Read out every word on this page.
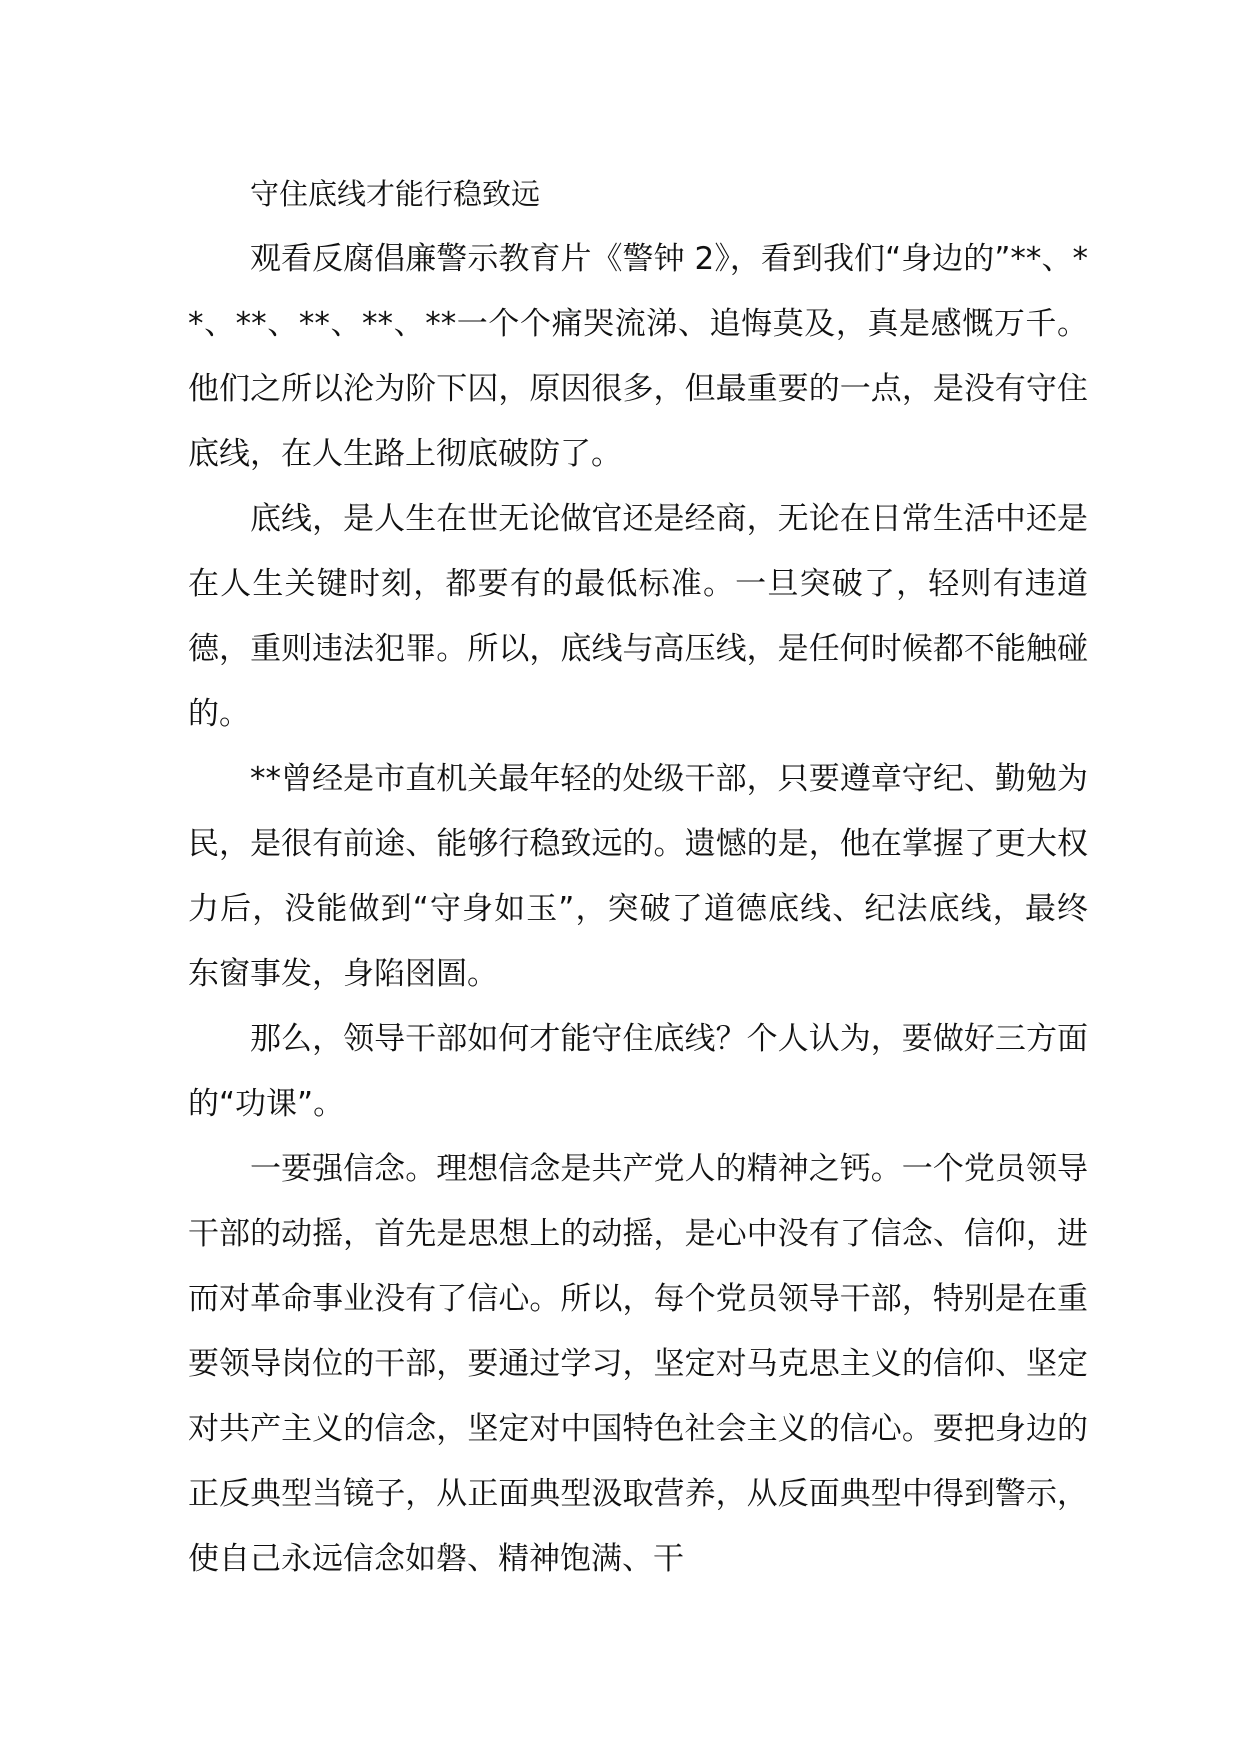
守住底线才能行稳致远

观看反腐倡廉警示教育片《警钟 2》，看到我们“身边的”**、**、**、**、**、**一个个痛哭流涕、追悔莫及，真是感慨万千。他们之所以沦为阶下囚，原因很多，但最重要的一点，是没有守住底线，在人生路上彻底破防了。

底线，是人生在世无论做官还是经商，无论在日常生活中还是在人生关键时刻，都要有的最低标准。一旦突破了，轻则有违道德，重则违法犯罪。所以，底线与高压线，是任何时候都不能触碰的。

**曾经是市直机关最年轻的处级干部，只要遵章守纪、勤勉为民，是很有前途、能够行稳致远的。遗憾的是，他在掌握了更大权力后，没能做到“守身如玉”，突破了道德底线、纪法底线，最终东窗事发，身陷囹圄。

那么，领导干部如何才能守住底线？个人认为，要做好三方面的“功课”。

一要强信念。理想信念是共产党人的精神之钙。一个党员领导干部的动摇，首先是思想上的动摇，是心中没有了信念、信仰，进而对革命事业没有了信心。所以，每个党员领导干部，特别是在重要领导岗位的干部，要通过学习，坚定对马克思主义的信仰、坚定对共产主义的信念，坚定对中国特色社会主义的信心。要把身边的正反典型当镜子，从正面典型汲取营养，从反面典型中得到警示，使自己永远信念如磐、精神饱满、干
